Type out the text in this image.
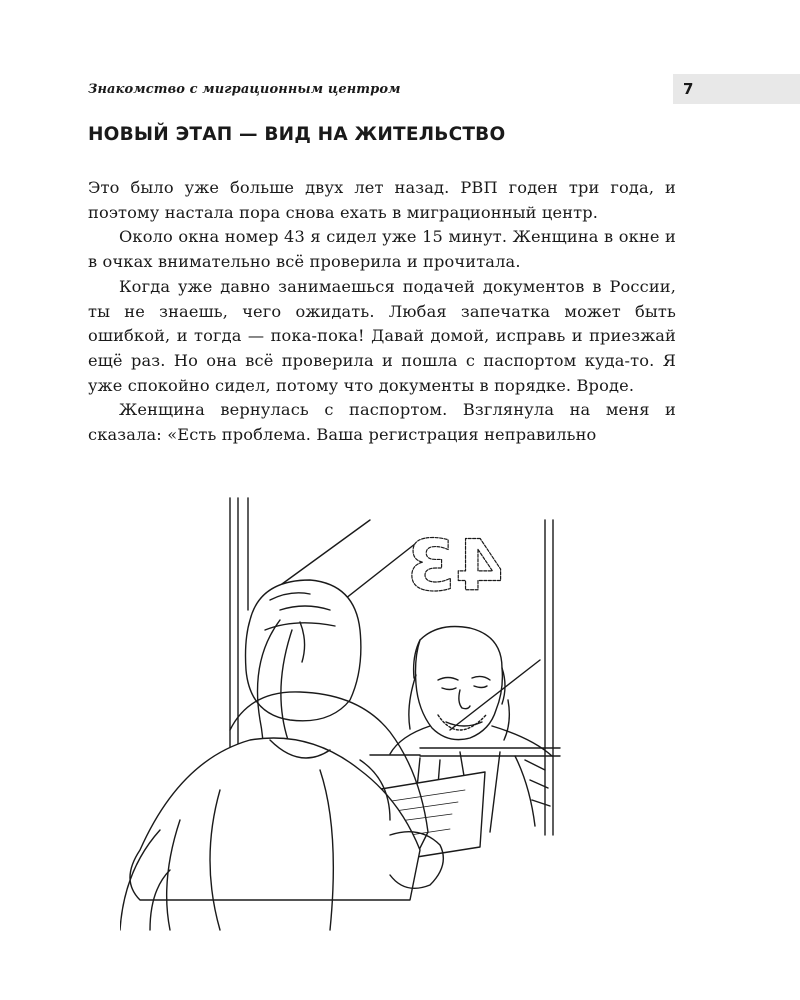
Знакомство с миграционным центром	7
НОВЫЙ ЭТАП — ВИД НА ЖИТЕЛЬСТВО

Это было уже больше двух лет назад. РВП годен три года, и поэтому настала пора снова ехать в миграционный центр.

Около окна номер 43 я сидел уже 15 минут. Женщина в окне и в очках внимательно всё проверила и прочитала.

Когда уже давно занимаешься подачей документов в России, ты не знаешь, чего ожидать. Любая запечатка может быть ошибкой, и тогда — пока-пока! Давай домой, исправь и приезжай ещё раз. Но она всё проверила и пошла с паспортом куда-то. Я уже спокойно сидел, потому что документы в порядке. Вроде.

Женщина вернулась с паспортом. Взглянула на меня и сказала: «Есть проблема. Ваша регистрация неправильно

43
